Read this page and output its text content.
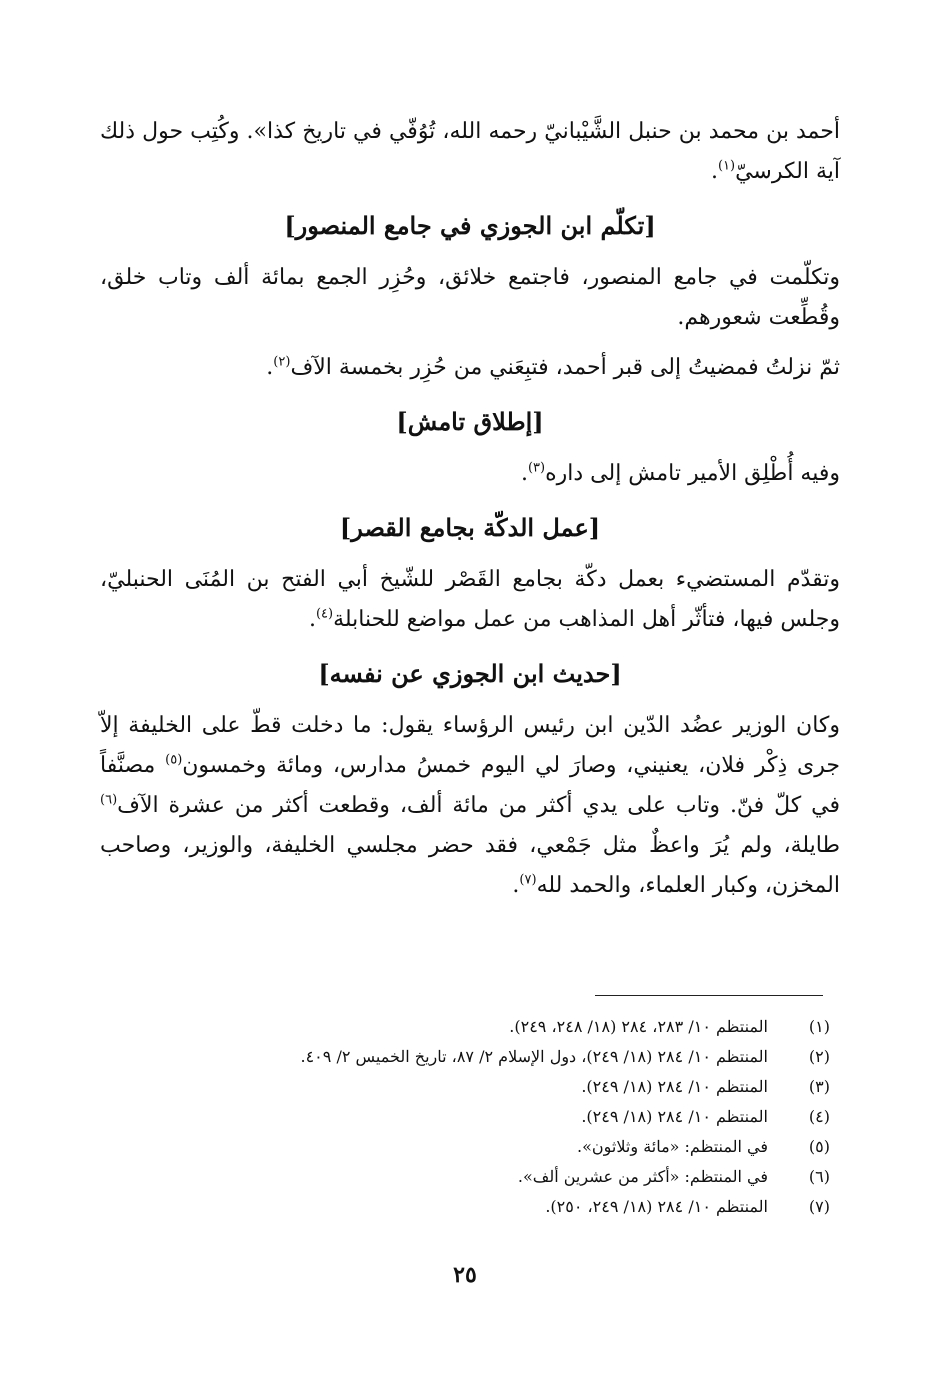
أحمد بن محمد بن حنبل الشَّيْبانيّ رحمه الله، تُوُفّي في تاريخ كذا». وكُتِب حول ذلك آية الكرسيّ$^{(١)}$.

[تكلّم ابن الجوزي في جامع المنصور]

وتكلّمت في جامع المنصور، فاجتمع خلائق، وحُزِر الجمع بمائة ألف وتاب خلق، وقُطِّعت شعورهم.

ثمّ نزلتُ فمضيتُ إلى قبر أحمد، فتبِعَني من حُزِر بخمسة الآف$^{(٢)}$.

[إطلاق تامش]

وفيه أُطْلِق الأمير تامش إلى داره$^{(٣)}$.

[عمل الدكّة بجامع القصر]

وتقدّم المستضيء بعمل دكّة بجامع القَصْر للشّيخ أبي الفتح بن المُنَى الحنبليّ، وجلس فيها، فتأثّر أهل المذاهب من عمل مواضع للحنابلة$^{(٤)}$.

[حديث ابن الجوزي عن نفسه]

وكان الوزير عضُد الدّين ابن رئيس الرؤساء يقول: ما دخلت قطّ على الخليفة إلاّ جرى ذِكْر فلان، يعنيني، وصارَ لي اليوم خمسُ مدارس، ومائة وخمسون$^{(٥)}$ مصنَّفاً في كلّ فنّ. وتاب على يدي أكثر من مائة ألف، وقطعت أكثر من عشرة الآف$^{(٦)}$ طايلة، ولم يُرَ واعظٌ مثل جَمْعي، فقد حضر مجلسي الخليفة، والوزير، وصاحب المخزن، وكبار العلماء، والحمد لله$^{(٧)}$.

(١)
المنتظم ١٠/ ٢٨٣، ٢٨٤ (١٨/ ٢٤٨، ٢٤٩).
(٢)
المنتظم ١٠/ ٢٨٤ (١٨/ ٢٤٩)، دول الإسلام ٢/ ٨٧، تاريخ الخميس ٢/ ٤٠٩.
(٣)
المنتظم ١٠/ ٢٨٤ (١٨/ ٢٤٩).
(٤)
المنتظم ١٠/ ٢٨٤ (١٨/ ٢٤٩).
(٥)
في المنتظم: «مائة وثلاثون».
(٦)
في المنتظم: «أكثر من عشرين ألف».
(٧)
المنتظم ١٠/ ٢٨٤ (١٨/ ٢٤٩، ٢٥٠).
٢٥
